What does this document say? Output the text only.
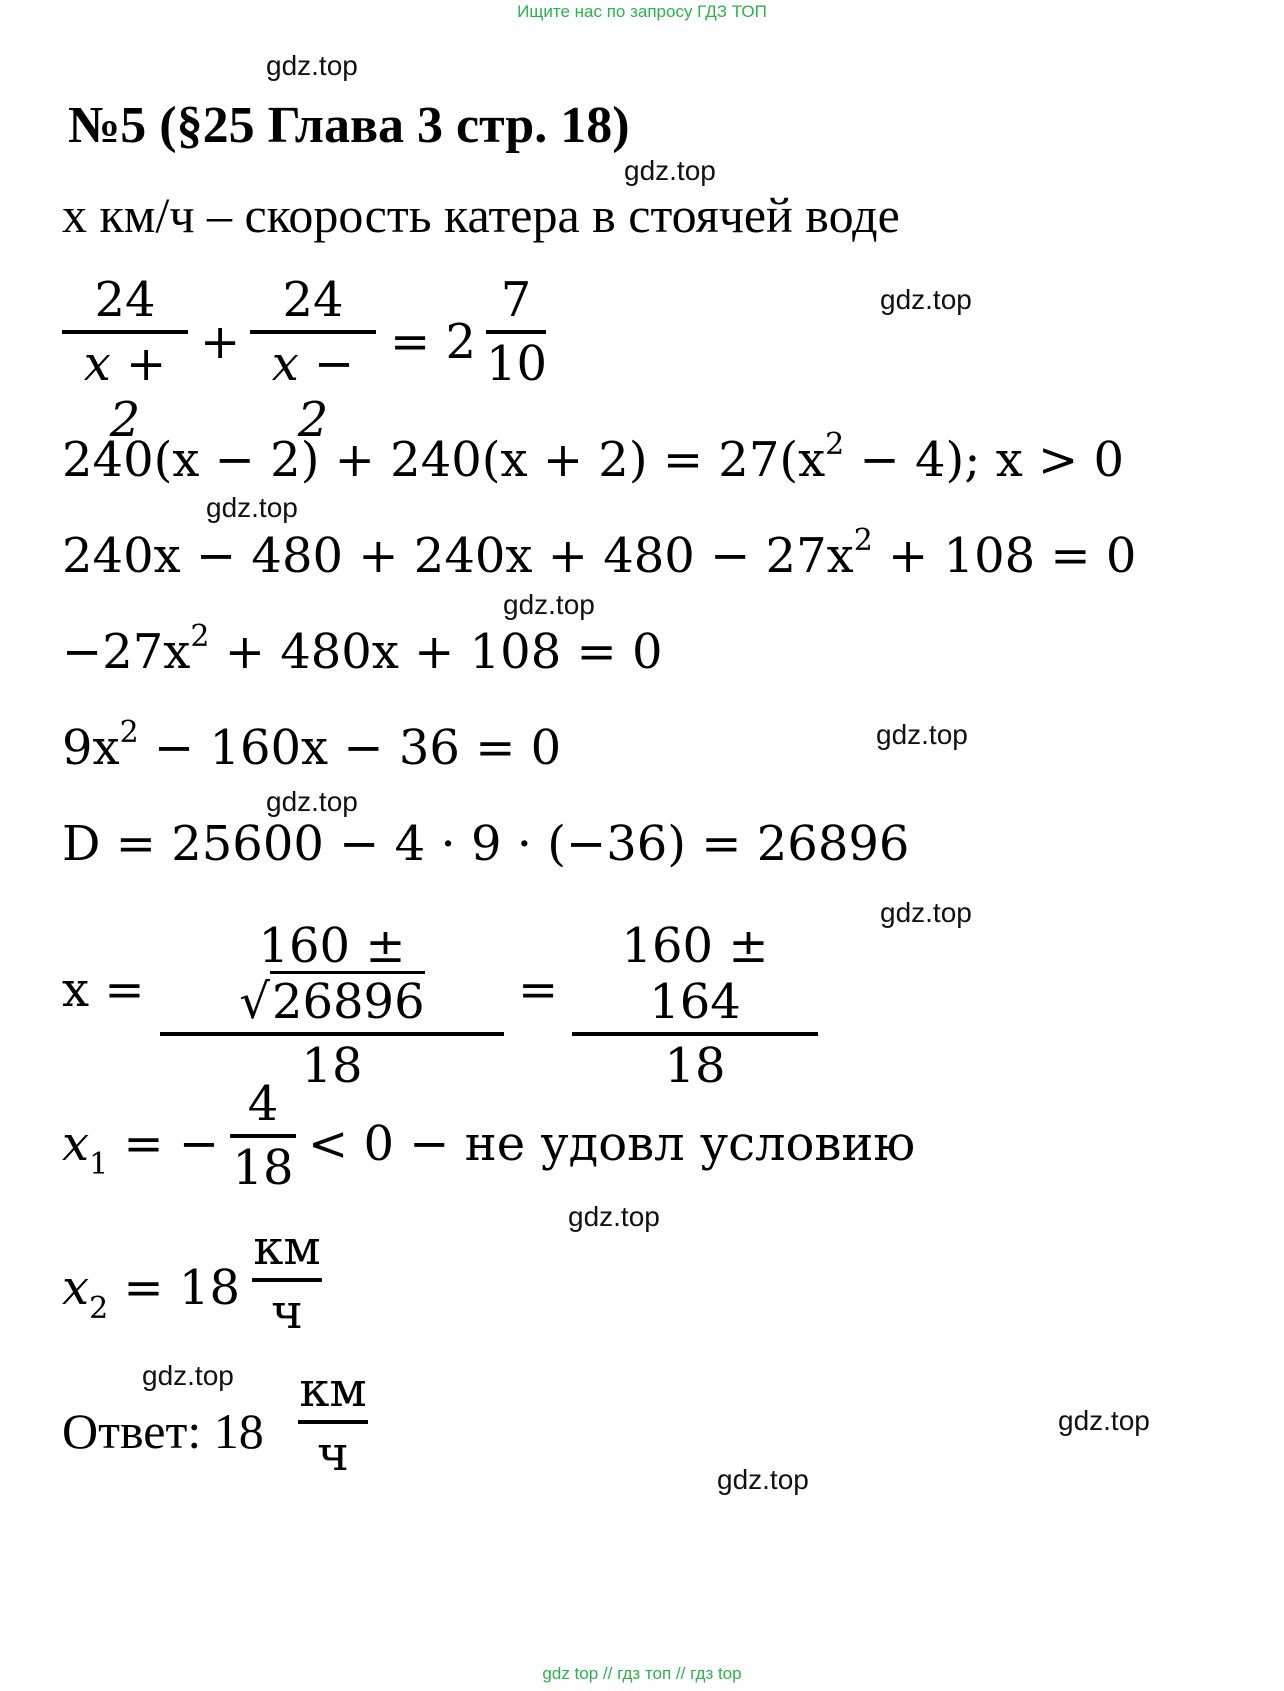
Ищите нас по запросу ГДЗ ТОП
gdz.top
gdz.top
gdz.top
gdz.top
gdz.top
gdz.top
gdz.top
gdz.top
gdz.top
gdz.top
gdz.top
gdz.top
№5 (§25 Глава 3 стр. 18)
x км/ч – скорость катера в стоячей воде
24
x + 2
+
24
x − 2
= 2
7
10
$240(x - 2) + 240(x + 2) = 27(x^2 - 4)$; x > 0
$240x - 480 + 240x + 480 - 27x^2 + 108 = 0$
$-27x^2 + 480x + 108 = 0$
$9x^2 - 160x - 36 = 0$
D = 25600 − 4 · 9 · (−36) = 26896
x =
160 ± √26896
18
=
160 ± 164
18
$x_1$ = −
4
18 < 0 − не удовл условию
$x_2 = 18$
км
ч
Ответ: 18
км
ч
gdz top // гдз топ // гдз top
